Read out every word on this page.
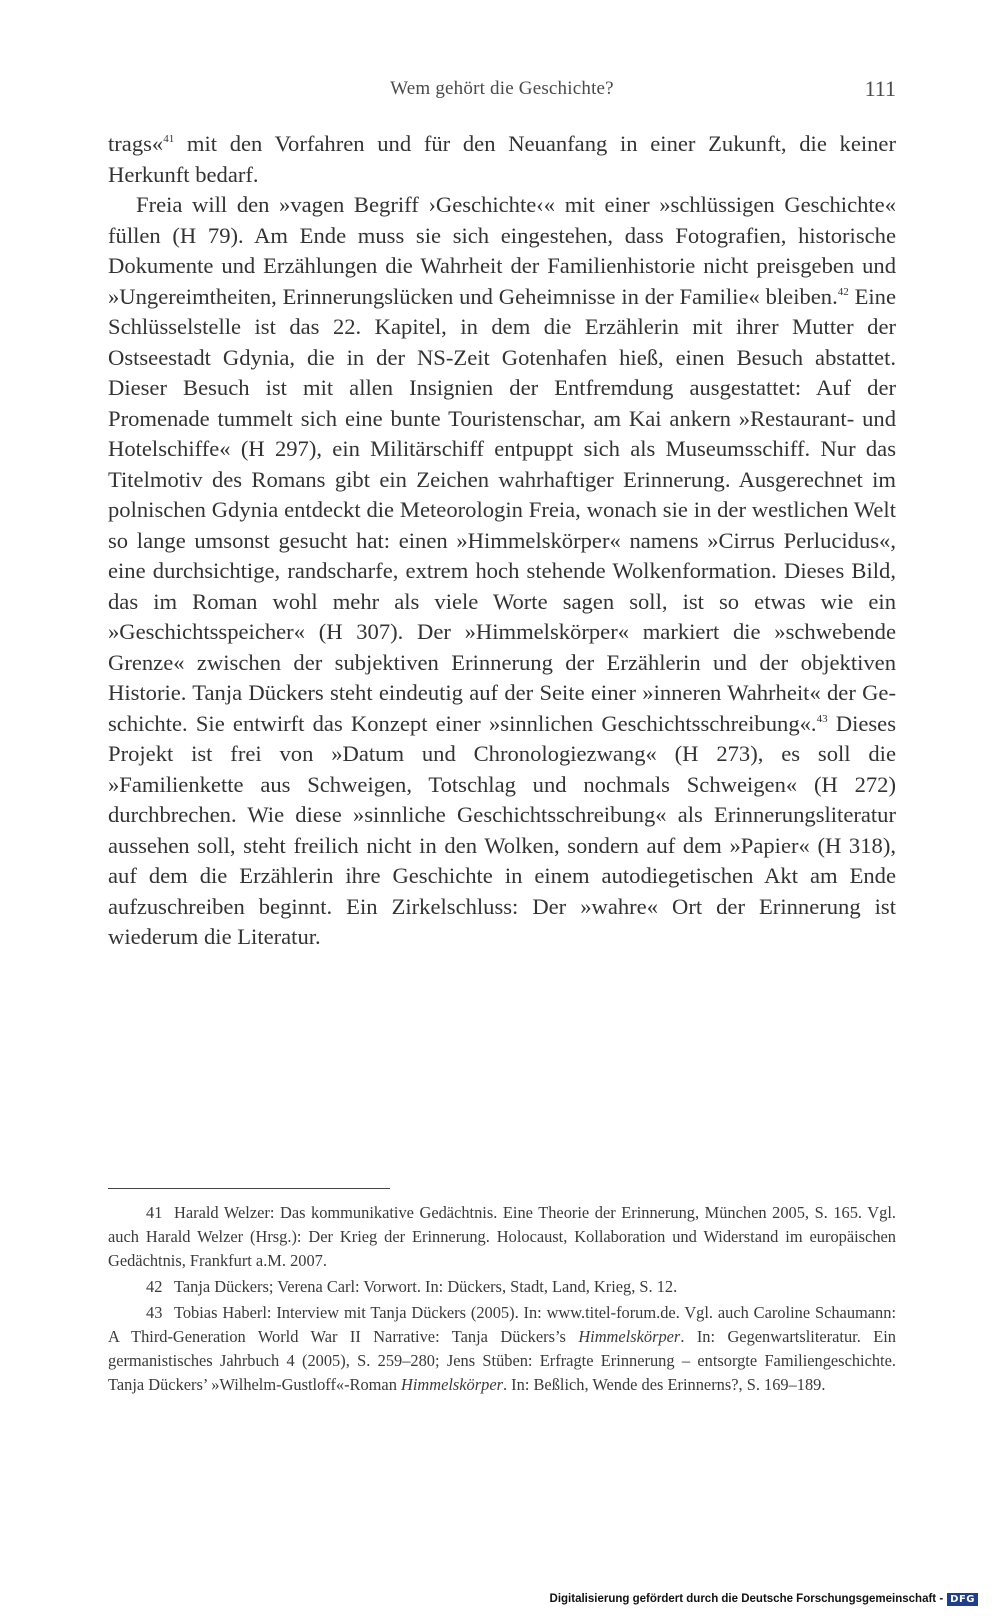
Wem gehört die Geschichte?	111

trags«$^{41}$ mit den Vorfahren und für den Neuanfang in einer Zukunft, die keiner Herkunft bedarf.

Freia will den »vagen Begriff ›Geschichte‹« mit einer »schlüssigen Geschichte« füllen (H 79). Am Ende muss sie sich eingestehen, dass Fotografien, historische Dokumente und Erzählungen die Wahrheit der Familienhistorie nicht preisgeben und »Ungereimtheiten, Erinnerungslücken und Geheimnisse in der Familie« bleiben.$^{42}$ Eine Schlüsselstelle ist das 22. Kapitel, in dem die Erzählerin mit ihrer Mutter der Ostseestadt Gdynia, die in der NS-Zeit Gotenhafen hieß, einen Besuch abstattet. Dieser Besuch ist mit allen Insignien der Entfremdung ausgestattet: Auf der Promenade tummelt sich eine bunte Touristenschar, am Kai ankern »Restaurant- und Hotelschiffe« (H 297), ein Militärschiff entpuppt sich als Museumsschiff. Nur das Titelmotiv des Romans gibt ein Zeichen wahrhaftiger Erinnerung. Ausgerechnet im polnischen Gdynia entdeckt die Meteorologin Freia, wonach sie in der westlichen Welt so lange umsonst gesucht hat: einen »Himmelskörper« namens »Cirrus Perlucidus«, eine durchsichtige, randscharfe, extrem hoch stehende Wolkenformation. Dieses Bild, das im Roman wohl mehr als viele Worte sagen soll, ist so etwas wie ein »Geschichtsspeicher« (H 307). Der »Himmelskörper« markiert die »schwebende Grenze« zwischen der subjektiven Erinnerung der Erzählerin und der objektiven Historie. Tanja Dückers steht eindeutig auf der Seite einer »inneren Wahrheit« der Geschichte. Sie entwirft das Konzept einer »sinnlichen Geschichtsschreibung«.$^{43}$ Dieses Projekt ist frei von »Datum und Chronologiezwang« (H 273), es soll die »Familienkette aus Schweigen, Totschlag und nochmals Schweigen« (H 272) durchbrechen. Wie diese »sinnliche Geschichtsschreibung« als Erinnerungsliteratur aussehen soll, steht freilich nicht in den Wolken, sondern auf dem »Papier« (H 318), auf dem die Erzählerin ihre Geschichte in einem autodiegetischen Akt am Ende aufzuschreiben beginnt. Ein Zirkelschluss: Der »wahre« Ort der Erinnerung ist wiederum die Literatur.

41 Harald Welzer: Das kommunikative Gedächtnis. Eine Theorie der Erinnerung, München 2005, S. 165. Vgl. auch Harald Welzer (Hrsg.): Der Krieg der Erinnerung. Holocaust, Kollaboration und Widerstand im europäischen Gedächtnis, Frankfurt a.M. 2007.

42 Tanja Dückers; Verena Carl: Vorwort. In: Dückers, Stadt, Land, Krieg, S. 12.

43 Tobias Haberl: Interview mit Tanja Dückers (2005). In: www.titel-forum.de. Vgl. auch Caroline Schaumann: A Third-Generation World War II Narrative: Tanja Dückers’s Himmelskörper. In: Gegenwartsliteratur. Ein germanistisches Jahrbuch 4 (2005), S. 259–280; Jens Stüben: Erfragte Erinnerung – entsorgte Familiengeschichte. Tanja Dückers’ »Wilhelm-Gustloff«-Roman Himmelskörper. In: Beßlich, Wende des Erinnerns?, S. 169–189.

Digitalisierung gefördert durch die Deutsche Forschungsgemeinschaft - DFG
